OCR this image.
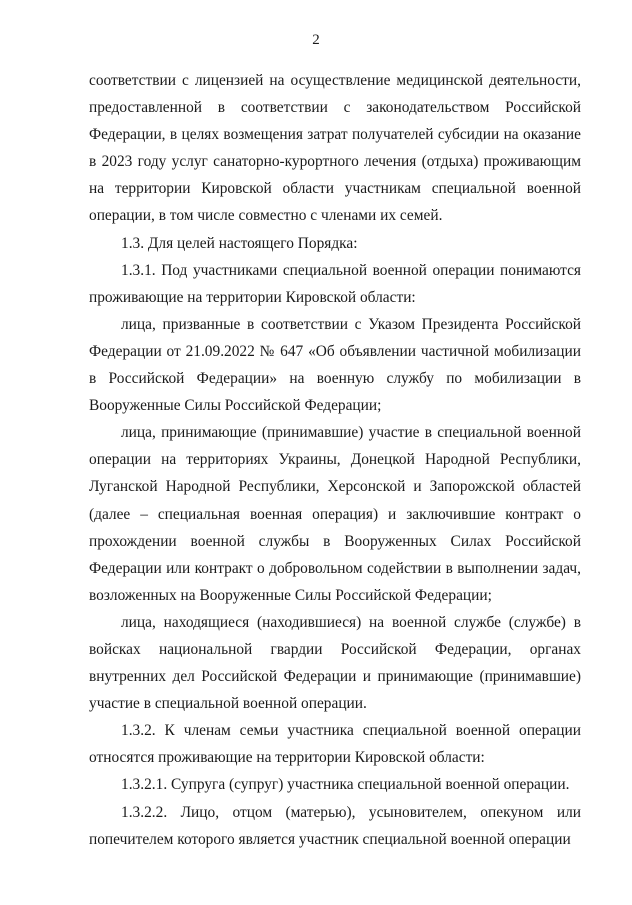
2

соответствии с лицензией на осуществление медицинской деятельности, предоставленной в соответствии с законодательством Российской Федерации, в целях возмещения затрат получателей субсидии на оказание в 2023 году услуг санаторно-курортного лечения (отдыха) проживающим на территории Кировской области участникам специальной военной операции, в том числе совместно с членами их семей.

1.3. Для целей настоящего Порядка:

1.3.1. Под участниками специальной военной операции понимаются проживающие на территории Кировской области:

лица, призванные в соответствии с Указом Президента Российской Федерации от 21.09.2022 № 647 «Об объявлении частичной мобилизации в Российской Федерации» на военную службу по мобилизации в Вооруженные Силы Российской Федерации;

лица, принимающие (принимавшие) участие в специальной военной операции на территориях Украины, Донецкой Народной Республики, Луганской Народной Республики, Херсонской и Запорожской областей (далее – специальная военная операция) и заключившие контракт о прохождении военной службы в Вооруженных Силах Российской Федерации или контракт о добровольном содействии в выполнении задач, возложенных на Вооруженные Силы Российской Федерации;

лица, находящиеся (находившиеся) на военной службе (службе) в войсках национальной гвардии Российской Федерации, органах внутренних дел Российской Федерации и принимающие (принимавшие) участие в специальной военной операции.

1.3.2. К членам семьи участника специальной военной операции относятся проживающие на территории Кировской области:

1.3.2.1. Супруга (супруг) участника специальной военной операции.

1.3.2.2. Лицо, отцом (матерью), усыновителем, опекуном или попечителем которого является участник специальной военной операции
